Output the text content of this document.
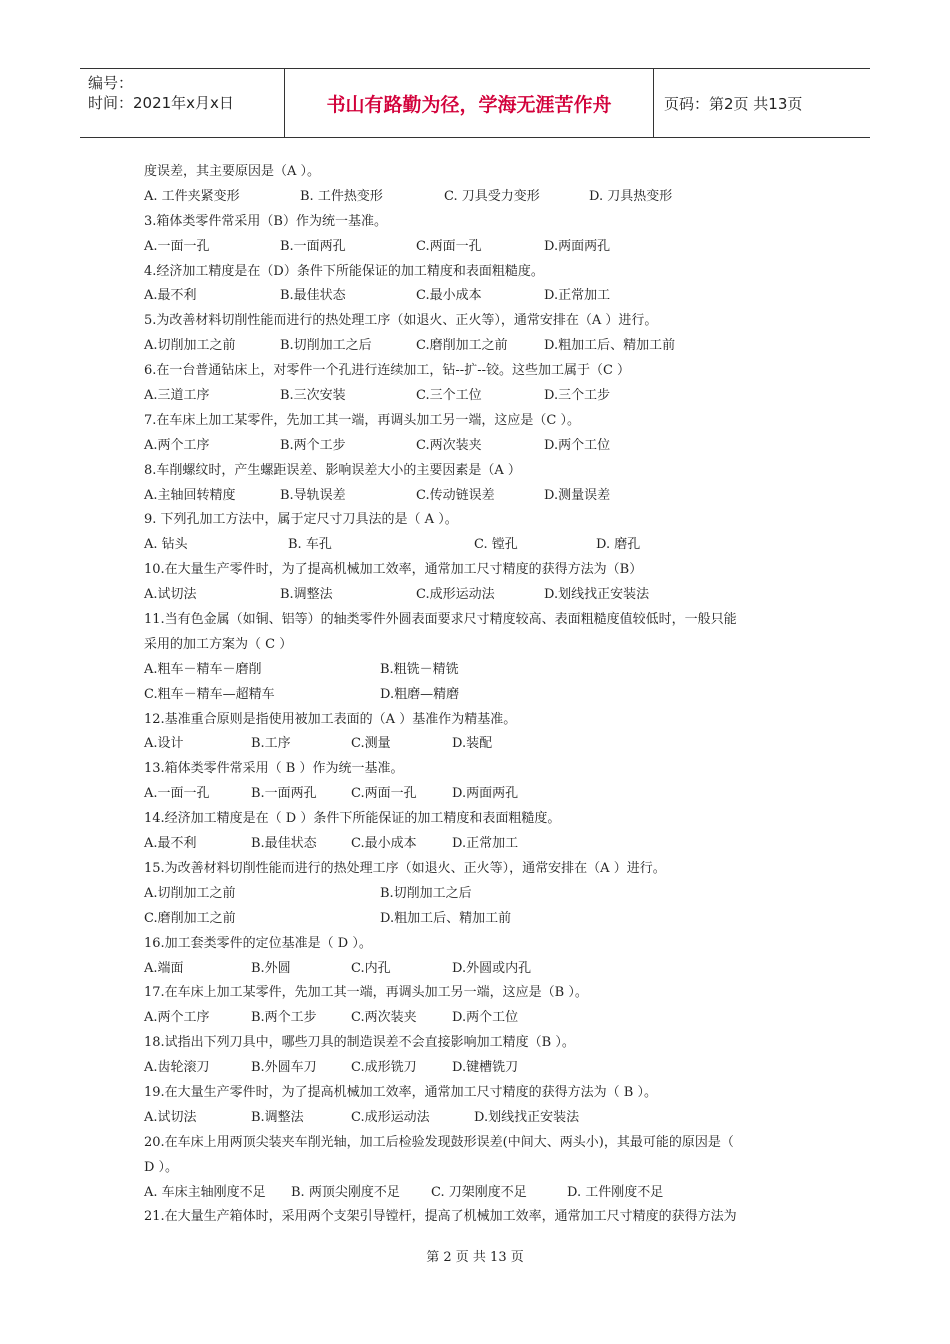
编号：
时间：2021年x月x日	书山有路勤为径，学海无涯苦作舟	页码：第2页 共13页
度误差，其主要原因是（A ）。
A. 工件夹紧变形	B. 工件热变形	C. 刀具受力变形	D. 刀具热变形
3.箱体类零件常采用（B）作为统一基准。
A.一面一孔	B.一面两孔	C.两面一孔	D.两面两孔
4.经济加工精度是在（D）条件下所能保证的加工精度和表面粗糙度。
A.最不利	B.最佳状态	C.最小成本	D.正常加工
5.为改善材料切削性能而进行的热处理工序（如退火、正火等），通常安排在（A ）进行。
A.切削加工之前	B.切削加工之后	C.磨削加工之前	D.粗加工后、精加工前
6.在一台普通钻床上，对零件一个孔进行连续加工，钻--扩--铰。这些加工属于（C ）
A.三道工序	B.三次安装	C.三个工位	D.三个工步
7.在车床上加工某零件，先加工其一端，再调头加工另一端，这应是（C ）。
A.两个工序	B.两个工步	C.两次装夹	D.两个工位
8.车削螺纹时，产生螺距误差、影响误差大小的主要因素是（A ）
A.主轴回转精度	B.导轨误差	C.传动链误差	D.测量误差
9. 下列孔加工方法中，属于定尺寸刀具法的是（ A ）。
A. 钻头	B. 车孔	C. 镗孔	D. 磨孔
10.在大量生产零件时，为了提高机械加工效率，通常加工尺寸精度的获得方法为（B）
A.试切法	B.调整法	C.成形运动法	D.划线找正安装法
11.当有色金属（如铜、铝等）的轴类零件外圆表面要求尺寸精度较高、表面粗糙度值较低时，一般只能
采用的加工方案为（ C ）
A.粗车－精车－磨削	B.粗铣－精铣
C.粗车－精车—超精车	D.粗磨—精磨
12.基准重合原则是指使用被加工表面的（A ）基准作为精基准。
A.设计	B.工序	C.测量	D.装配
13.箱体类零件常采用（ B ）作为统一基准。
A.一面一孔	B.一面两孔	C.两面一孔	D.两面两孔
14.经济加工精度是在（ D ）条件下所能保证的加工精度和表面粗糙度。
A.最不利	B.最佳状态	C.最小成本	D.正常加工
15.为改善材料切削性能而进行的热处理工序（如退火、正火等），通常安排在（A ）进行。
A.切削加工之前	B.切削加工之后
C.磨削加工之前	D.粗加工后、精加工前
16.加工套类零件的定位基准是（ D ）。
A.端面	B.外圆	C.内孔	D.外圆或内孔
17.在车床上加工某零件，先加工其一端，再调头加工另一端，这应是（B ）。
A.两个工序	B.两个工步	C.两次装夹	D.两个工位
18.试指出下列刀具中，哪些刀具的制造误差不会直接影响加工精度（B ）。
A.齿轮滚刀	B.外圆车刀	C.成形铣刀	D.键槽铣刀
19.在大量生产零件时，为了提高机械加工效率，通常加工尺寸精度的获得方法为（ B ）。
A.试切法	B.调整法	C.成形运动法	D.划线找正安装法
20.在车床上用两顶尖装夹车削光轴，加工后检验发现鼓形误差(中间大、两头小)，其最可能的原因是（
D ）。
A. 车床主轴刚度不足 B. 两顶尖刚度不足 C. 刀架刚度不足	D. 工件刚度不足
21.在大量生产箱体时，采用两个支架引导镗杆，提高了机械加工效率，通常加工尺寸精度的获得方法为
第 2 页 共 13 页
